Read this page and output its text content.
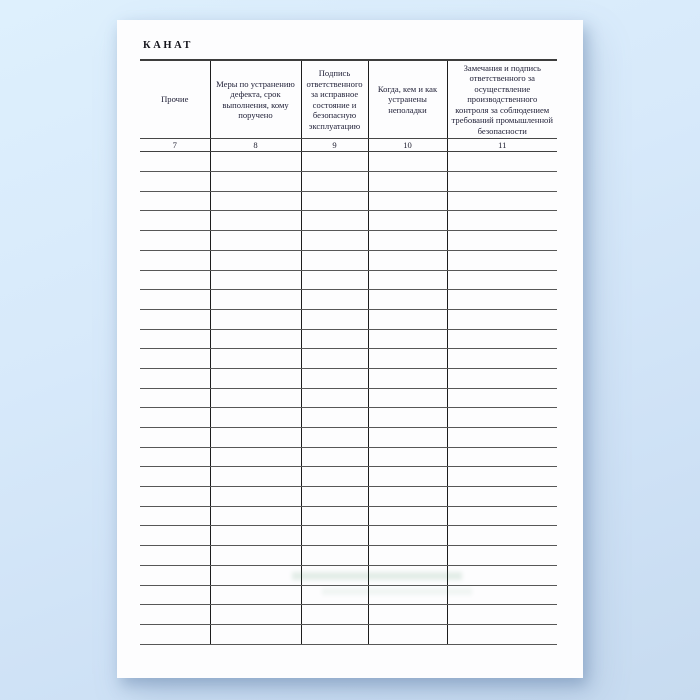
КАНАТ
Прочие	Меры по устранению дефекта, срок выполнения, кому поручено	Подпись ответственного за исправное состояние и безопасную эксплуатацию	Когда, кем и как устранены неполадки	Замечания и подпись ответственного за осуществление производственного контроля за соблюдением требований промышленной безопасности
7	8	9	10	11
